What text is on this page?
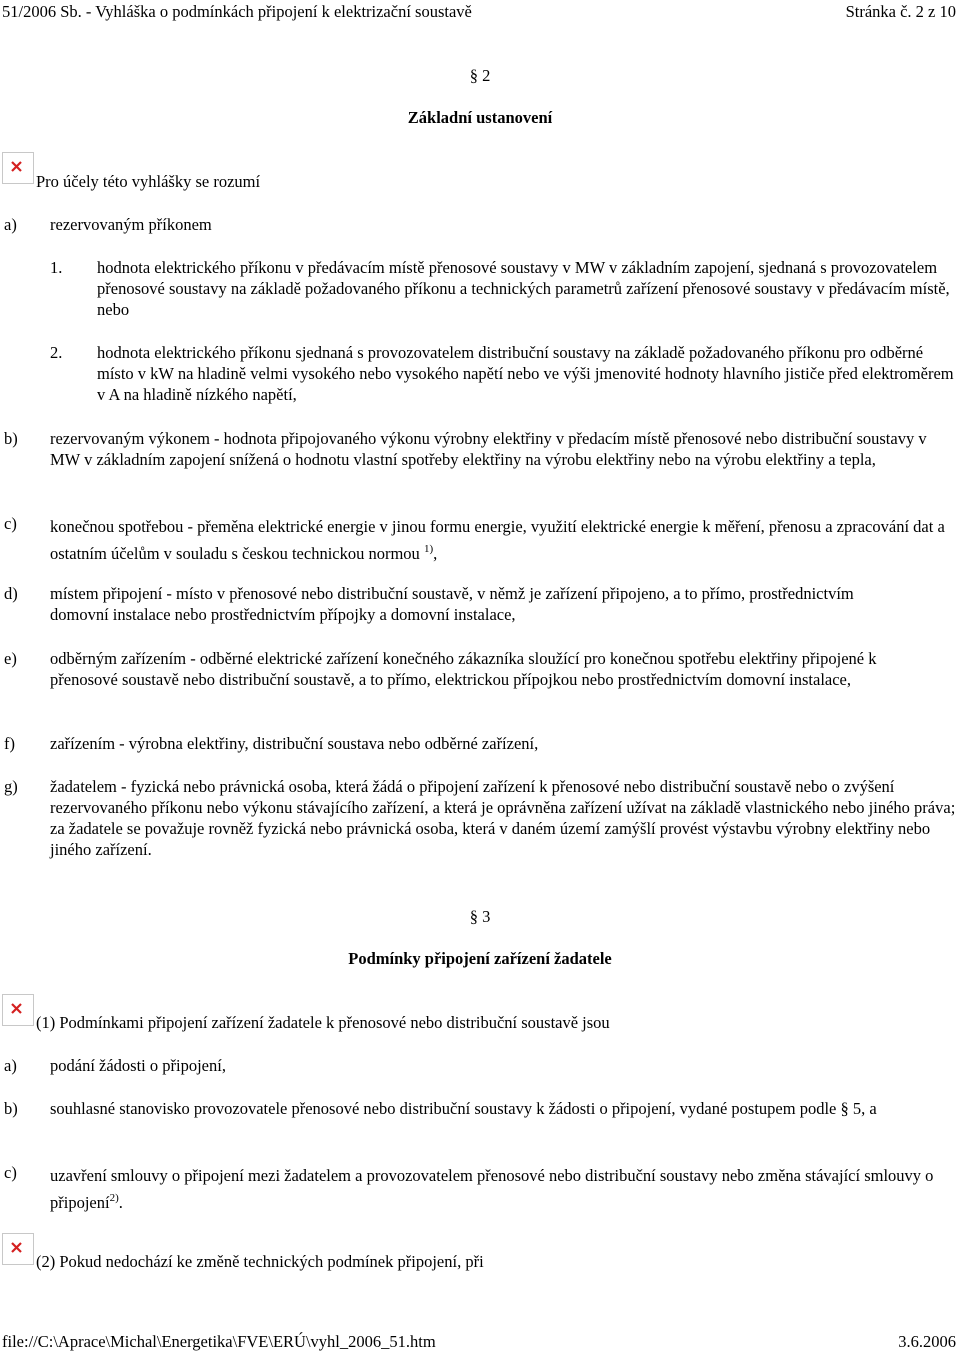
51/2006 Sb. - Vyhláška o podmínkách připojení k elektrizační soustavě	Stránka č. 2 z 10
§ 2
Základní ustanovení
Pro účely této vyhlášky se rozumí
a) rezervovaným příkonem
1. hodnota elektrického příkonu v předávacím místě přenosové soustavy v MW v základním zapojení, sjednaná s provozovatelem přenosové soustavy na základě požadovaného příkonu a technických parametrů zařízení přenosové soustavy v předávacím místě, nebo
2. hodnota elektrického příkonu sjednaná s provozovatelem distribuční soustavy na základě požadovaného příkonu pro odběrné místo v kW na hladině velmi vysokého nebo vysokého napětí nebo ve výši jmenovité hodnoty hlavního jističe před elektroměrem v A na hladině nízkého napětí,
b) rezervovaným výkonem - hodnota připojovaného výkonu výrobny elektřiny v předacím místě přenosové nebo distribuční soustavy v MW v základním zapojení snížená o hodnotu vlastní spotřeby elektřiny na výrobu elektřiny nebo na výrobu elektřiny a tepla,
c) konečnou spotřebou - přeměna elektrické energie v jinou formu energie, využití elektrické energie k měření, přenosu a zpracování dat a ostatním účelům v souladu s českou technickou normou $^{1)}$,
d) místem připojení - místo v přenosové nebo distribuční soustavě, v němž je zařízení připojeno, a to přímo, prostřednictvím domovní instalace nebo prostřednictvím přípojky a domovní instalace,
e) odběrným zařízením - odběrné elektrické zařízení konečného zákazníka sloužící pro konečnou spotřebu elektřiny připojené k přenosové soustavě nebo distribuční soustavě, a to přímo, elektrickou přípojkou nebo prostřednictvím domovní instalace,
f) zařízením - výrobna elektřiny, distribuční soustava nebo odběrné zařízení,
g) žadatelem - fyzická nebo právnická osoba, která žádá o připojení zařízení k přenosové nebo distribuční soustavě nebo o zvýšení rezervovaného příkonu nebo výkonu stávajícího zařízení, a která je oprávněna zařízení užívat na základě vlastnického nebo jiného práva; za žadatele se považuje rovněž fyzická nebo právnická osoba, která v daném území zamýšlí provést výstavbu výrobny elektřiny nebo jiného zařízení.
§ 3
Podmínky připojení zařízení žadatele
(1) Podmínkami připojení zařízení žadatele k přenosové nebo distribuční soustavě jsou
a) podání žádosti o připojení,
b) souhlasné stanovisko provozovatele přenosové nebo distribuční soustavy k žádosti o připojení, vydané postupem podle § 5, a
c) uzavření smlouvy o připojení mezi žadatelem a provozovatelem přenosové nebo distribuční soustavy nebo změna stávající smlouvy o připojení$^{2)}$.
(2) Pokud nedochází ke změně technických podmínek připojení, při
file://C:\Aprace\Michal\Energetika\FVE\ERÚ\vyhl_2006_51.htm	3.6.2006
